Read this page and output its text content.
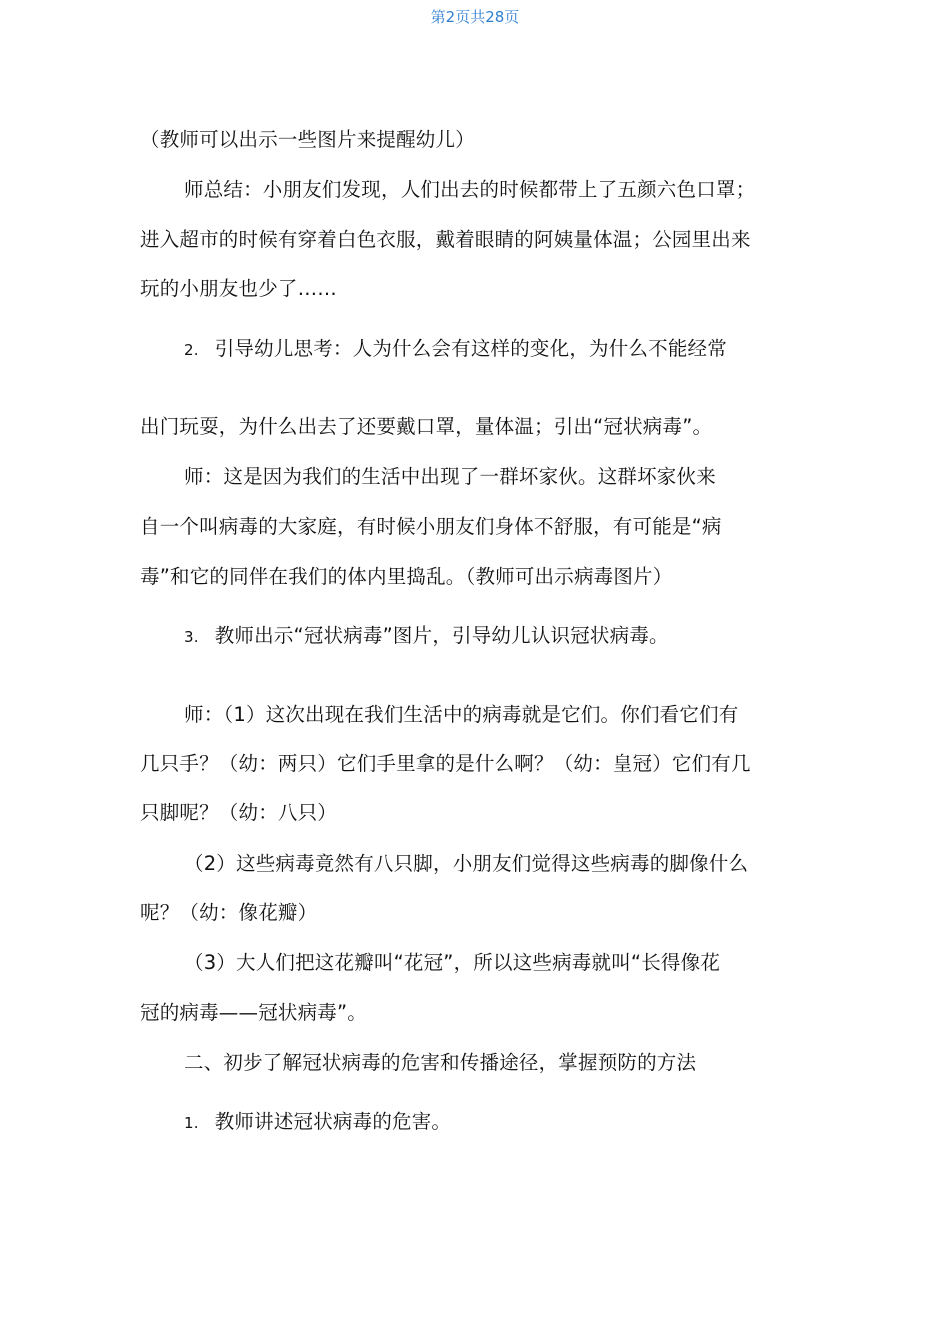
第2页共28页
（教师可以出示一些图片来提醒幼儿）
师总结：小朋友们发现，人们出去的时候都带上了五颜六色口罩；
进入超市的时候有穿着白色衣服，戴着眼睛的阿姨量体温；公园里出来
玩的小朋友也少了……
2. 引导幼儿思考：人为什么会有这样的变化，为什么不能经常
出门玩耍，为什么出去了还要戴口罩，量体温；引出“冠状病毒”。
师：这是因为我们的生活中出现了一群坏家伙。这群坏家伙来
自一个叫病毒的大家庭，有时候小朋友们身体不舒服，有可能是“病
毒”和它的同伴在我们的体内里捣乱。（教师可出示病毒图片）
3. 教师出示“冠状病毒”图片，引导幼儿认识冠状病毒。
师：（1）这次出现在我们生活中的病毒就是它们。你们看它们有
几只手？（幼：两只）它们手里拿的是什么啊？（幼：皇冠）它们有几
只脚呢？（幼：八只）
（2）这些病毒竟然有八只脚，小朋友们觉得这些病毒的脚像什么
呢？（幼：像花瓣）
（3）大人们把这花瓣叫“花冠”，所以这些病毒就叫“长得像花
冠的病毒——冠状病毒”。
二、初步了解冠状病毒的危害和传播途径，掌握预防的方法
1. 教师讲述冠状病毒的危害。
